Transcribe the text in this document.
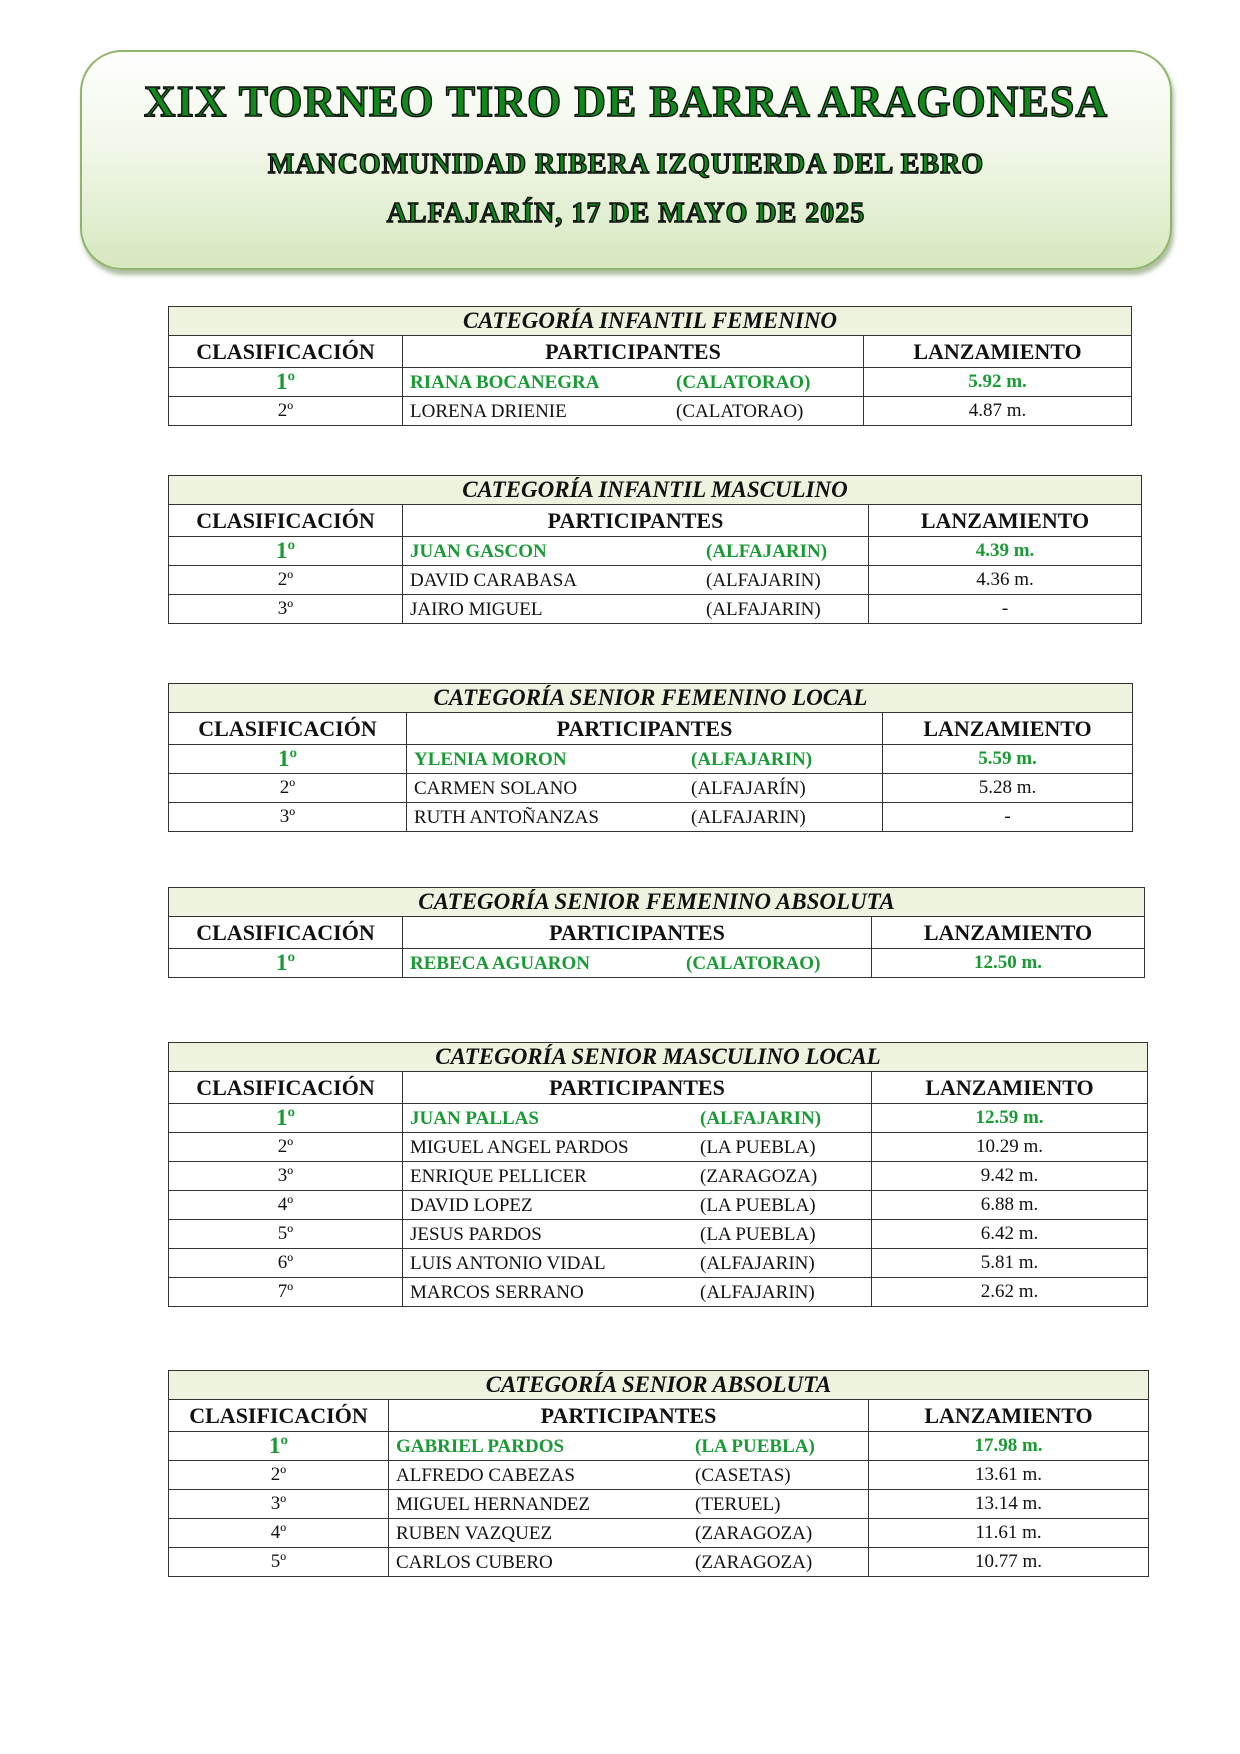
XIX TORNEO TIRO DE BARRA ARAGONESA
MANCOMUNIDAD RIBERA IZQUIERDA DEL EBRO
ALFAJARÍN, 17 DE MAYO DE 2025
CATEGORÍA INFANTIL FEMENINO		
CLASIFICACIÓN	PARTICIPANTES	LANZAMIENTO
1º	RIANA BOCANEGRA (CALATORAO)	5.92 m.
2º	LORENA DRIENIE (CALATORAO)	4.87 m.
CATEGORÍA INFANTIL MASCULINO		
CLASIFICACIÓN	PARTICIPANTES	LANZAMIENTO
1º	JUAN GASCON (ALFAJARIN)	4.39 m.
2º	DAVID CARABASA (ALFAJARIN)	4.36 m.
3º	JAIRO MIGUEL (ALFAJARIN)	-
CATEGORÍA SENIOR FEMENINO LOCAL		
CLASIFICACIÓN	PARTICIPANTES	LANZAMIENTO
1º	YLENIA MORON (ALFAJARIN)	5.59 m.
2º	CARMEN SOLANO (ALFAJARÍN)	5.28 m.
3º	RUTH ANTOÑANZAS (ALFAJARIN)	-
CATEGORÍA SENIOR FEMENINO ABSOLUTA		
CLASIFICACIÓN	PARTICIPANTES	LANZAMIENTO
1º	REBECA AGUARON (CALATORAO)	12.50 m.
CATEGORÍA SENIOR MASCULINO LOCAL		
CLASIFICACIÓN	PARTICIPANTES	LANZAMIENTO
1º	JUAN PALLAS (ALFAJARIN)	12.59 m.
2º	MIGUEL ANGEL PARDOS (LA PUEBLA)	10.29 m.
3º	ENRIQUE PELLICER (ZARAGOZA)	9.42 m.
4º	DAVID LOPEZ (LA PUEBLA)	6.88 m.
5º	JESUS PARDOS (LA PUEBLA)	6.42 m.
6º	LUIS ANTONIO VIDAL (ALFAJARIN)	5.81 m.
7º	MARCOS SERRANO (ALFAJARIN)	2.62 m.
CATEGORÍA SENIOR ABSOLUTA		
CLASIFICACIÓN	PARTICIPANTES	LANZAMIENTO
1º	GABRIEL PARDOS (LA PUEBLA)	17.98 m.
2º	ALFREDO CABEZAS (CASETAS)	13.61 m.
3º	MIGUEL HERNANDEZ (TERUEL)	13.14 m.
4º	RUBEN VAZQUEZ (ZARAGOZA)	11.61 m.
5º	CARLOS CUBERO (ZARAGOZA)	10.77 m.
